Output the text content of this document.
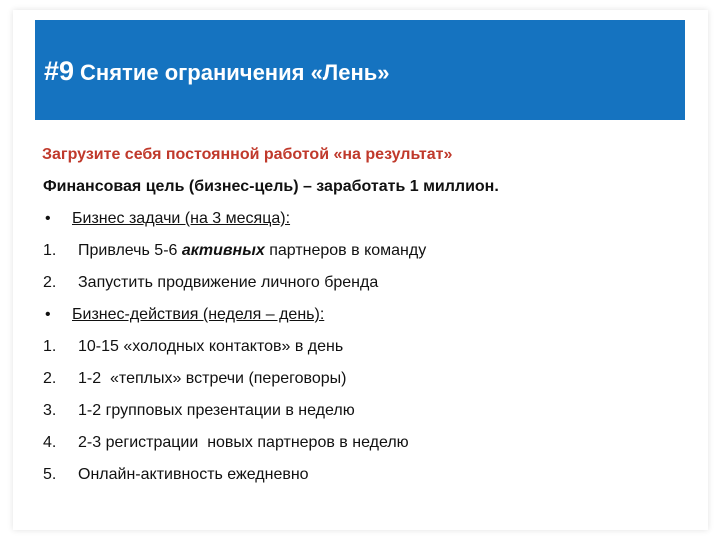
#9 Снятие ограничения «Лень»
Загрузите себя постоянной работой «на результат»
Финансовая цель (бизнес-цель) – заработать 1 миллион.
•	Бизнес задачи (на 3 месяца):
1.	Привлечь 5-6 активных партнеров в команду
2.	Запустить продвижение личного бренда
•	Бизнес-действия (неделя – день):
1.	10-15 «холодных контактов» в день
2.	1-2  «теплых» встречи (переговоры)
3.	1-2 групповых презентации в неделю
4.	2-3 регистрации  новых партнеров в неделю
5.	Онлайн-активность ежедневно
